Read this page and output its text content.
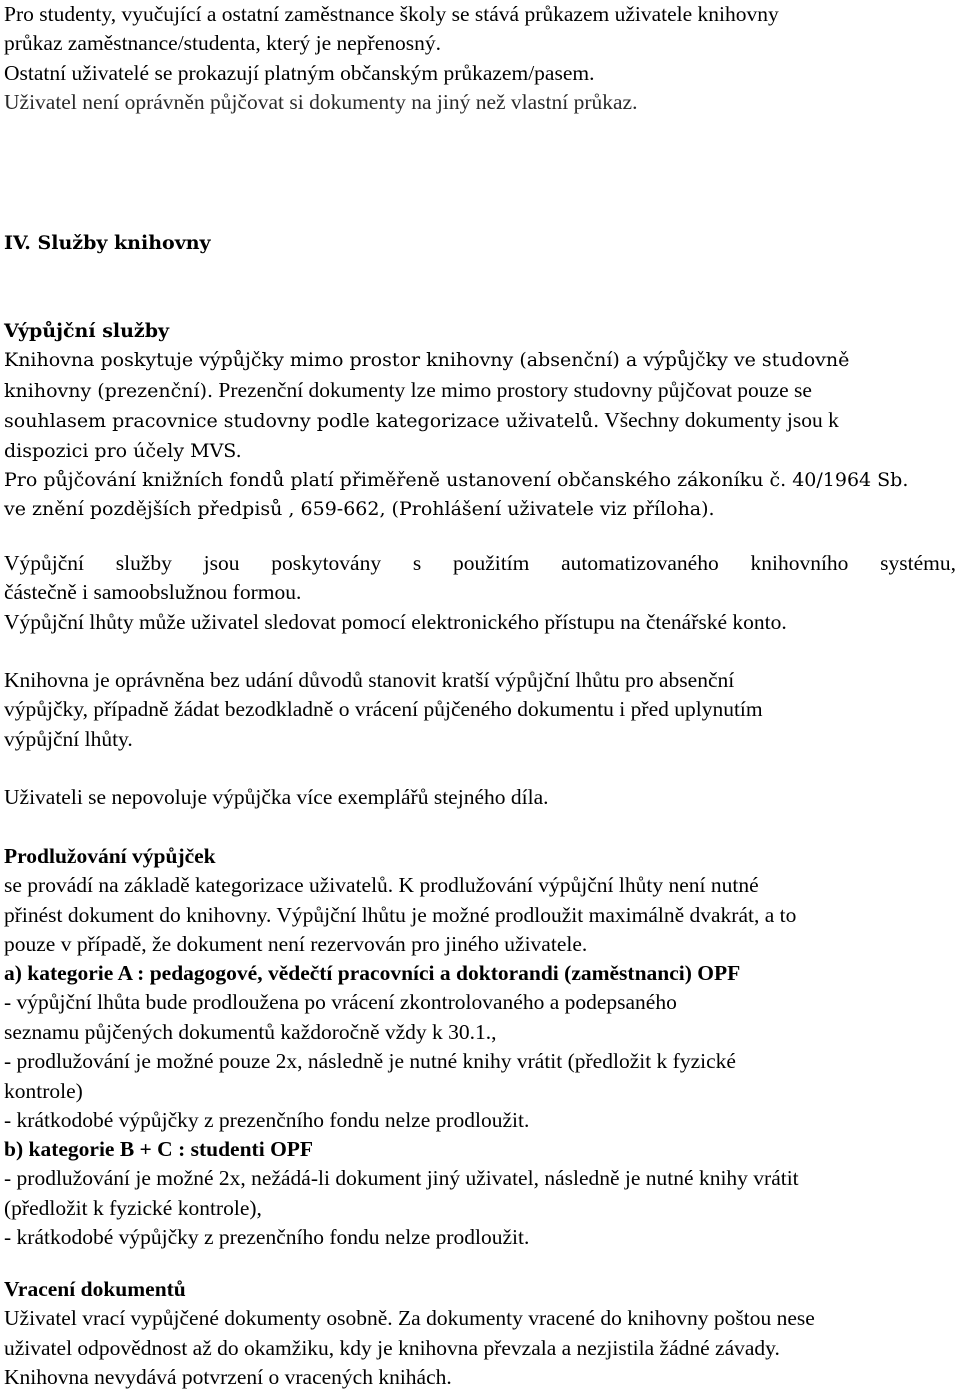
Pro studenty, vyučující a ostatní zaměstnance školy se stává průkazem uživatele knihovny
průkaz zaměstnance/studenta, který je nepřenosný.
Ostatní uživatelé se prokazují platným občanským průkazem/pasem.
Uživatel není oprávněn půjčovat si dokumenty na jiný než vlastní průkaz.
IV. Služby knihovny
Výpůjční služby
Knihovna poskytuje výpůjčky mimo prostor knihovny (absenční) a výpůjčky ve studovně
knihovny (prezenční). Prezenční dokumenty lze mimo prostory studovny půjčovat pouze se
souhlasem pracovnice studovny podle kategorizace uživatelů. Všechny dokumenty jsou k
dispozici pro účely MVS.
Pro půjčování knižních fondů platí přiměřeně ustanovení občanského zákoníku č. 40/1964 Sb.
ve znění pozdějších předpisů , 659-662, (Prohlášení uživatele viz příloha).
Výpůjční služby jsou poskytovány s použitím automatizovaného knihovního systému,
částečně i samoobslužnou formou.
Výpůjční lhůty může uživatel sledovat pomocí elektronického přístupu na čtenářské konto.
Knihovna je oprávněna bez udání důvodů stanovit kratší výpůjční lhůtu pro absenční
výpůjčky, případně žádat bezodkladně o vrácení půjčeného dokumentu i před uplynutím
výpůjční lhůty.
Uživateli se nepovoluje výpůjčka více exemplářů stejného díla.
Prodlužování výpůjček
se provádí na základě kategorizace uživatelů. K prodlužování výpůjční lhůty není nutné
přinést dokument do knihovny. Výpůjční lhůtu je možné prodloužit maximálně dvakrát, a to
pouze v případě, že dokument není rezervován pro jiného uživatele.
a) kategorie A : pedagogové, vědečtí pracovníci a doktorandi (zaměstnanci) OPF
- výpůjční lhůta bude prodloužena po vrácení zkontrolovaného a podepsaného
seznamu půjčených dokumentů každoročně vždy k 30.1.,
- prodlužování je možné pouze 2x, následně je nutné knihy vrátit (předložit k fyzické
kontrole)
- krátkodobé výpůjčky z prezenčního fondu nelze prodloužit.
b) kategorie B + C : studenti OPF
- prodlužování je možné 2x, nežádá-li dokument jiný uživatel, následně je nutné knihy vrátit
(předložit k fyzické kontrole),
- krátkodobé výpůjčky z prezenčního fondu nelze prodloužit.
Vracení dokumentů
Uživatel vrací vypůjčené dokumenty osobně. Za dokumenty vracené do knihovny poštou nese
uživatel odpovědnost až do okamžiku, kdy je knihovna převzala a nezjistila žádné závady.
Knihovna nevydává potvrzení o vracených knihách.
